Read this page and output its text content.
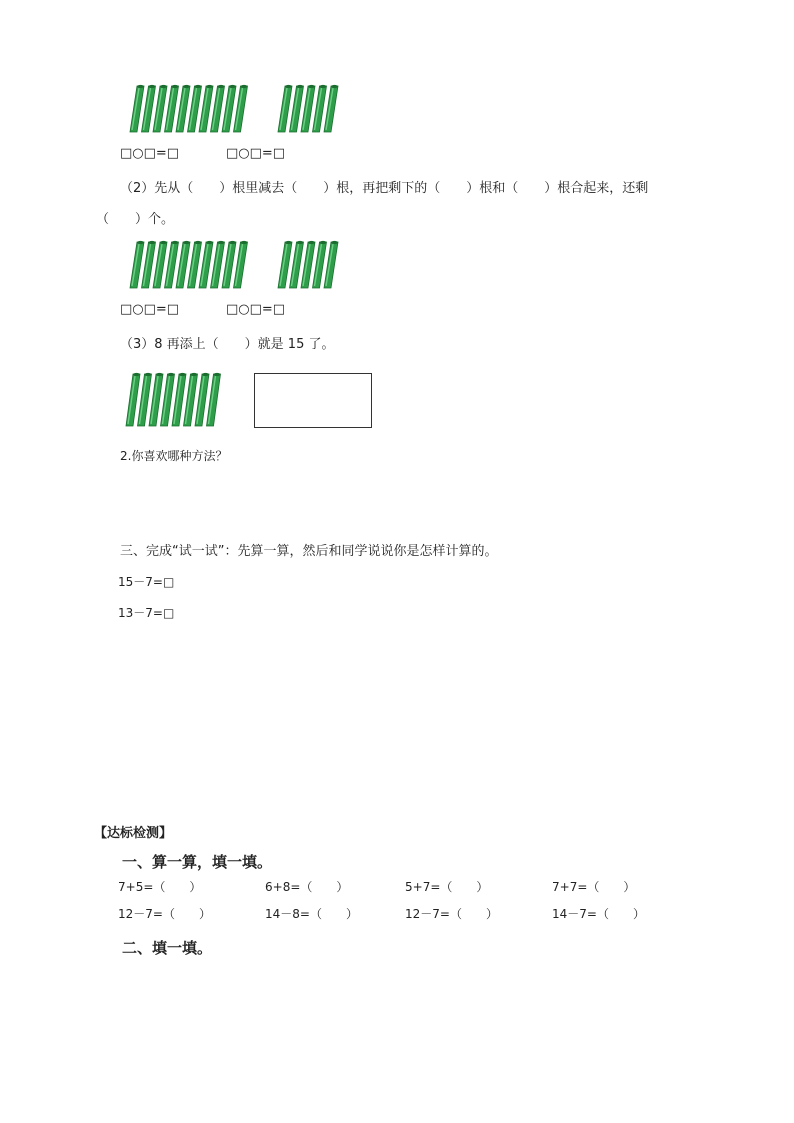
□○□=□	□○□=□
（2）先从（　　）根里减去（　　）根，再把剩下的（　　）根和（　　）根合起来，还剩
（　　）个。
□○□=□	□○□=□
（3）8 再添上（　　）就是 15 了。
2.你喜欢哪种方法？
三、完成“试一试”：先算一算，然后和同学说说你是怎样计算的。
15－7=□
13－7=□
【达标检测】
一、算一算，填一填。
7+5=（　　）	6+8=（　　）	5+7=（　　）	7+7=（　　）
12－7=（　　）	14－8=（　　）	12－7=（　　）	14－7=（　　）
二、填一填。
